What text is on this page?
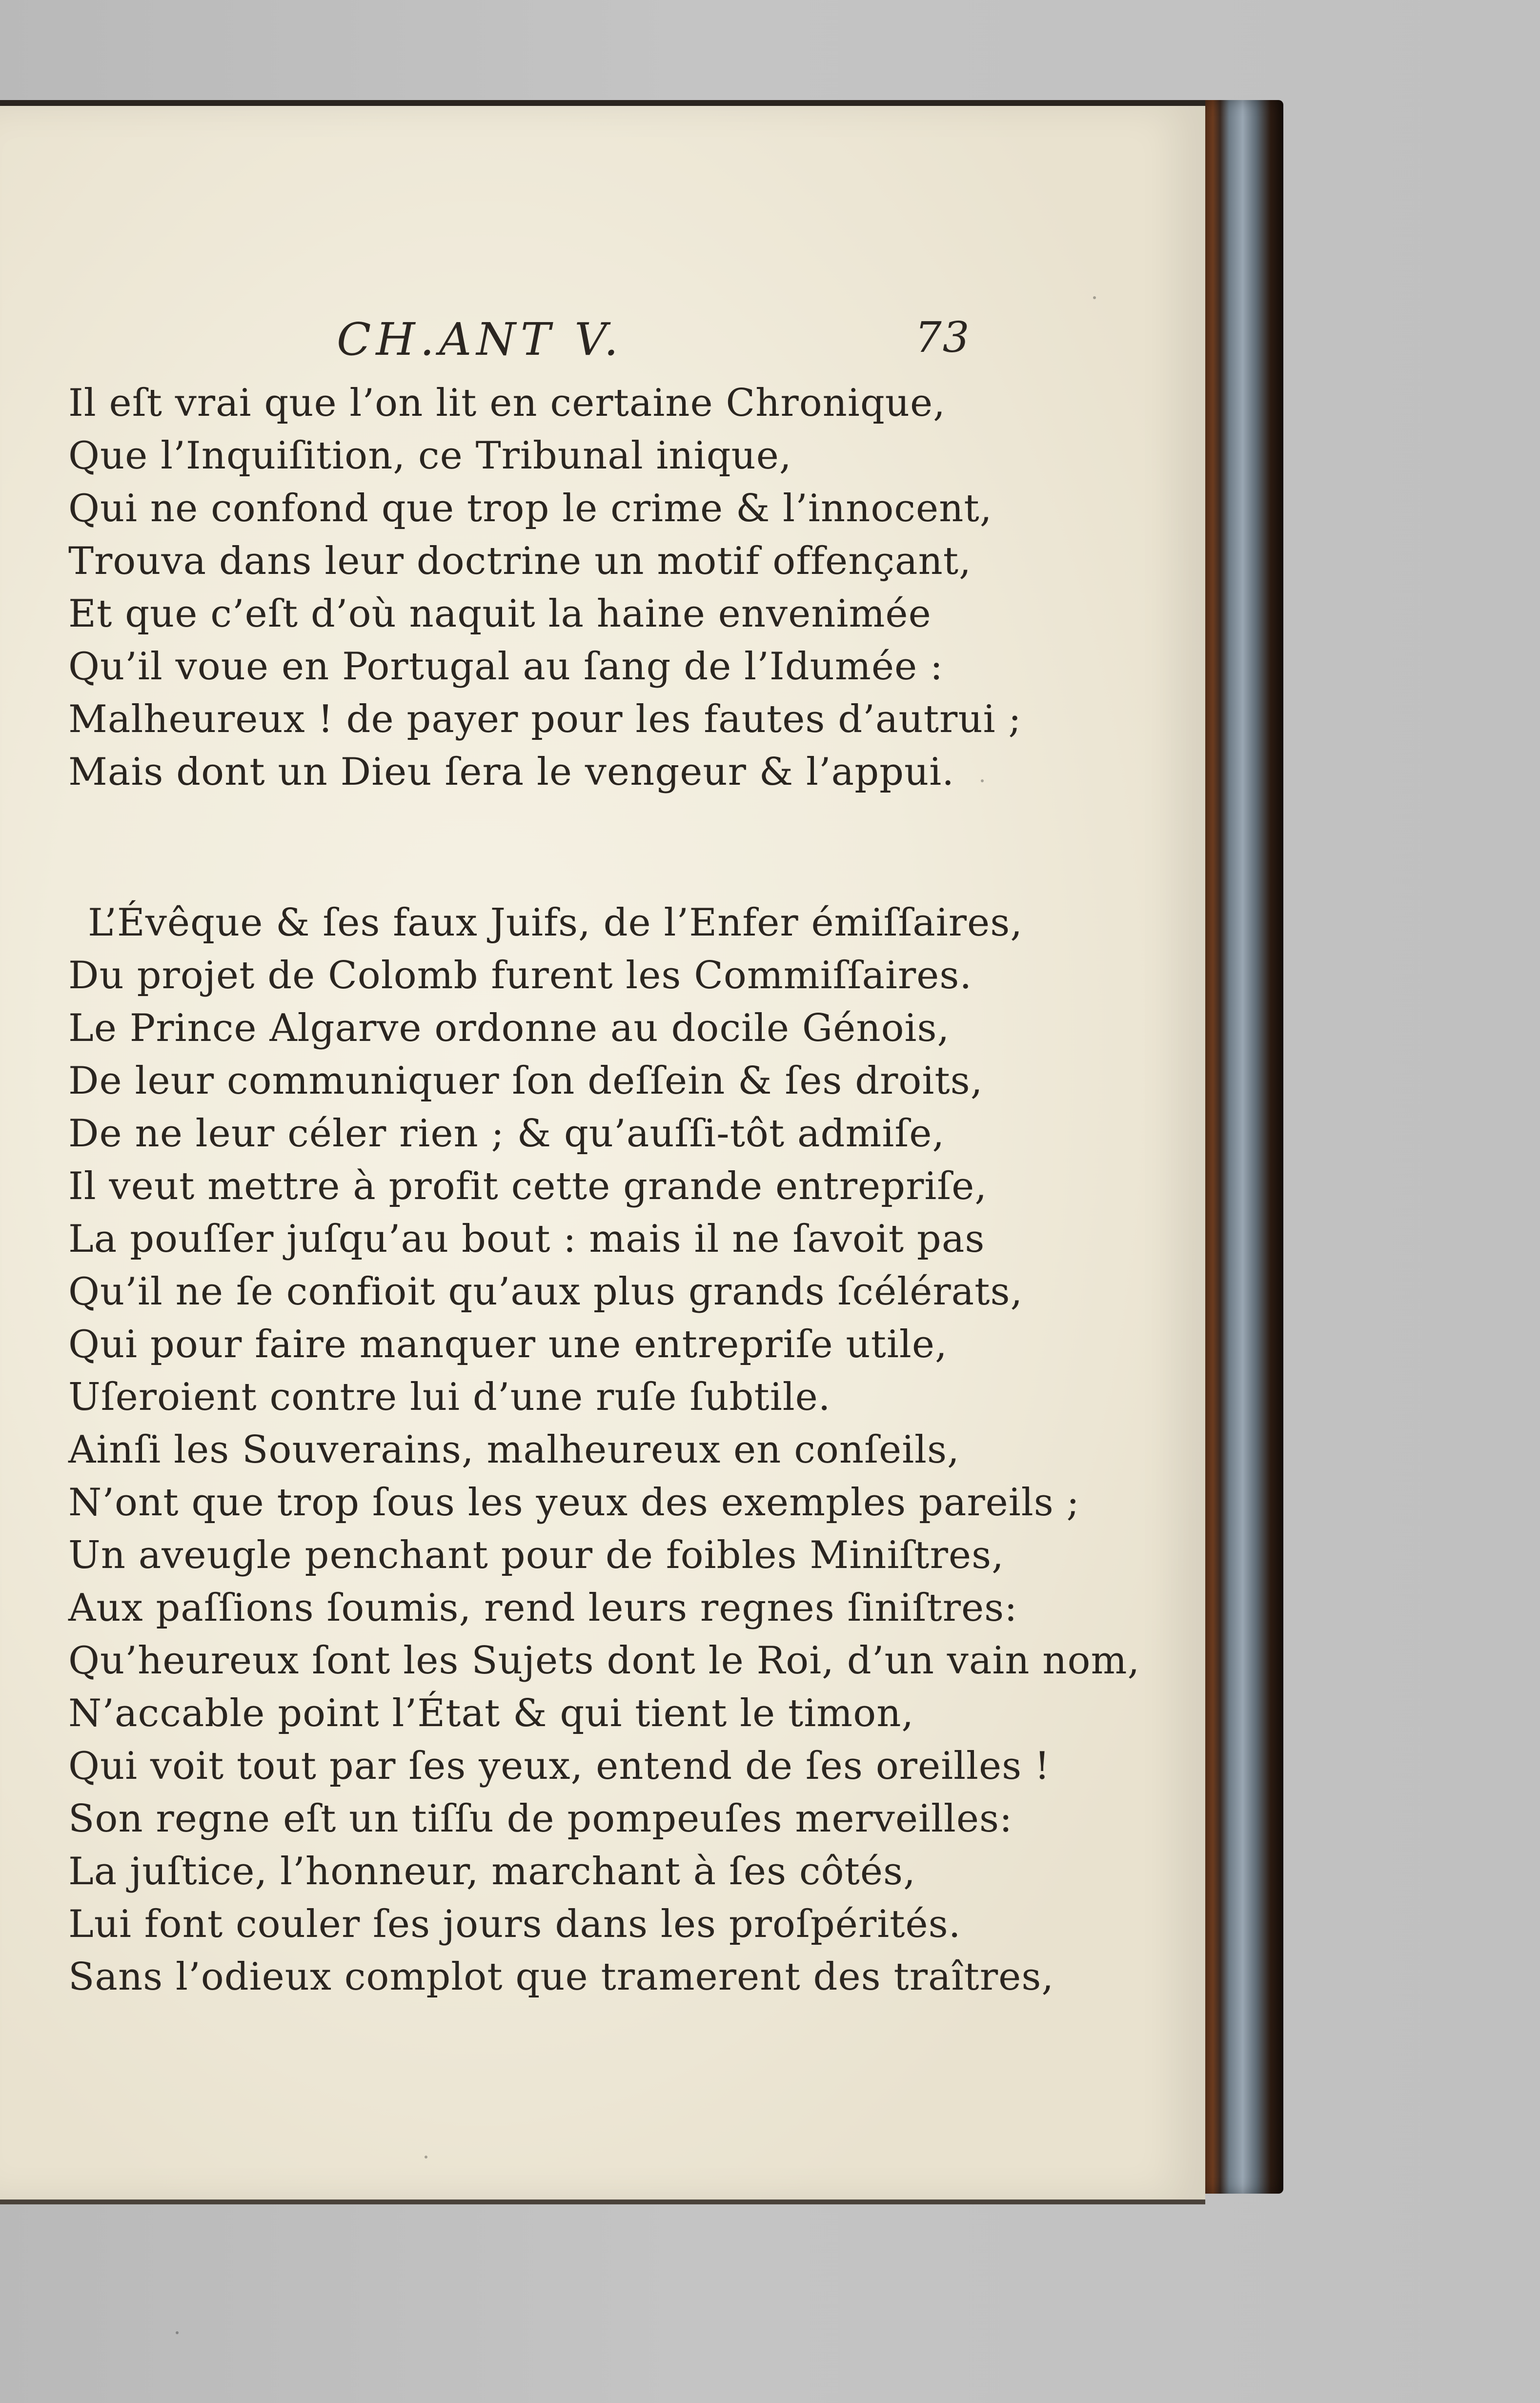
CH.ANT V.	73
Il eſt vrai que l’on lit en certaine Chronique,
Que l’Inquiſition, ce Tribunal inique,
Qui ne confond que trop le crime & l’innocent,
Trouva dans leur doctrine un motif offençant,
Et que c’eſt d’où naquit la haine envenimée
Qu’il voue en Portugal au ſang de l’Idumée :
Malheureux ! de payer pour les fautes d’autrui ;
Mais dont un Dieu ſera le vengeur & l’appui.
L’Évêque & ſes faux Juifs, de l’Enfer émiſſaires,
Du projet de Colomb furent les Commiſſaires.
Le Prince Algarve ordonne au docile Génois,
De leur communiquer ſon deſſein & ſes droits,
De ne leur céler rien ; & qu’auſſi-tôt admiſe,
Il veut mettre à profit cette grande entrepriſe,
La pouſſer juſqu’au bout : mais il ne ſavoit pas
Qu’il ne ſe confioit qu’aux plus grands ſcélérats,
Qui pour faire manquer une entrepriſe utile,
Uſeroient contre lui d’une ruſe ſubtile.
Ainſi les Souverains, malheureux en conſeils,
N’ont que trop ſous les yeux des exemples pareils ;
Un aveugle penchant pour de foibles Miniſtres,
Aux paſſions ſoumis, rend leurs regnes ſiniſtres:
Qu’heureux ſont les Sujets dont le Roi, d’un vain nom,
N’accable point l’État & qui tient le timon,
Qui voit tout par ſes yeux, entend de ſes oreilles !
Son regne eſt un tiſſu de pompeuſes merveilles:
La juſtice, l’honneur, marchant à ſes côtés,
Lui font couler ſes jours dans les proſpérités.
Sans l’odieux complot que tramerent des traîtres,
